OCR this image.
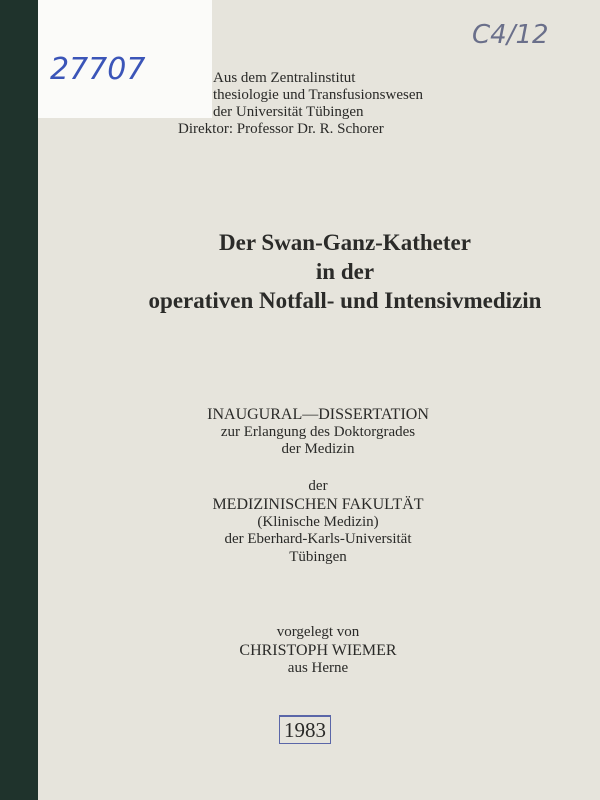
27707
C4/12
Aus dem Zentralinstitut
thesiologie und Transfusionswesen
der Universität Tübingen
Direktor: Professor Dr. R. Schorer
Der Swan-Ganz-Katheter
in der
operativen Notfall- und Intensivmedizin
INAUGURAL—DISSERTATION
zur Erlangung des Doktorgrades
der Medizin
der
MEDIZINISCHEN FAKULTÄT
(Klinische Medizin)
der Eberhard-Karls-Universität
Tübingen
vorgelegt von
CHRISTOPH WIEMER
aus Herne
1983
